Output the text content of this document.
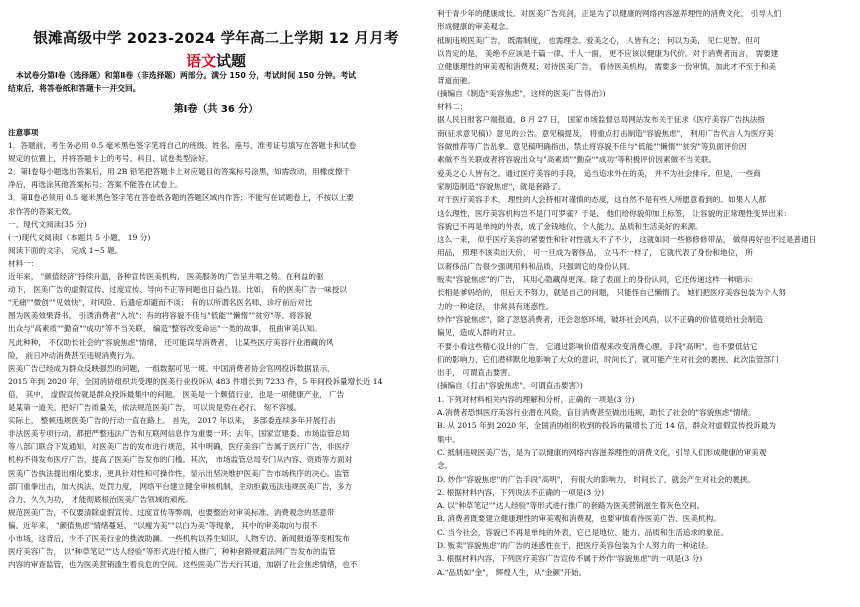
银滩高级中学 2023-2024 学年高二上学期 12 月月考
语文试题
本试卷分第Ⅰ卷（选择题）和第Ⅱ卷（非选择题）两部分。满分 150 分，考试时间 150 分钟。考试
结束后，将答卷纸和答题卡一并交回。
第Ⅰ卷（共 36 分）
注意事项
1．答题前，考生务必用 0.5 毫米黑色签字笔将自己的班级、姓名、座号、准考证号填写在答题卡和试卷
规定的位置上，并将答题卡上的考号、科目、试卷类型涂好。
2．第Ⅰ卷每小题选出答案后，用 2B 铅笔把答题卡上对应题目的答案标号涂黑，如需改动，用橡皮擦干
净后，再选涂其他答案标号；答案不能答在试卷上。
3．第Ⅱ卷必须用 0.5 毫米黑色签字笔在答卷纸各题的答题区域内作答；不能写在试题卷上，不按以上要
求作答的答案无效。
一、现代文阅读(35 分)
(一)现代文阅读Ⅰ（本题共 5 小题， 19 分)
阅读下面的文字， 完成 1~5 题。
材料一：
近年来， "颜值经济"持续升温，各种宣传医美机构、 医美服务的广告呈井喷之势。在利益的驱
动下， 医美广告的虚假宣传、过度宣传、导向不正等问题也日益凸显。比如， 有的医美广告一味授以
"无痛""微创""见效快"，对风险、后遗症却避而不谈； 有的以所谓名医名师、诊疗前后对比
图为医美效果背书， 引诱消费者"入坑"；有的将容貌不佳与"低能""懒惰""贫穷"等、将容貌
出众与"高素质""勤奋""成功"等不当关联， 编造"整容改变命运"一类的故事， 扭曲审美认知。
凡此种种， 不仅助长社会的"容貌焦虑"情绪， 还可能误导消费者， 让某些医疗美容行业潜藏的风
险， 前日冲动消费甚至违规消费行为。
医美广告已经成为群众反映强烈的问题，一组数据可见一斑。中国消费者协会官网投诉数据显示，
2015 年到 2020 年，全国消协组织共受理的医美行业投诉从 483 件增长到 7233 件，5 年间投诉量增长近 14
倍， 其中， 虚假宣传就是群众投诉最集中的问题。 医美是一个颇值行业，也是一项健康产业， 广告
是某第一道关。把好广告质量关，依法规范医美广告， 可以说是势在必行、 刻不容缓。
实际上， 整顿违规医美广告的行动一直在路上。 首先， 2017 年以来， 多部委连续多年开展打击
非法医美专项行动，都把严整违法广告和互联网信息作为重要一环；去年，国家宣建委、市场监管总局
等八部门联合下发通知，对医美广告的发布进行规范，其中明确，医疗美容广告属于医疗广告，非医疗
机构不得发布医疗广告，提高了医美广告发布的门槛。其次， 市场监管总局专门从内容、资质等方面对
医美广告执法提出细化要求，更具针对性和可操作性，显示出坚决维护医美广告市场秩序的决心。监管
部门重拳出击，加大执法、处罚力度， 网络平台建立健全审核机制，主动拒截违法违规医美广告，多方
合力、久久为功， 才能彻底根治医美广告领域的顽疾。
规范医美广告，不仅要清除虚假宣传、过度宣传等弊端，也要整治对审美标准、消费观念的恶意带
偏。近年来， "颜值焦虑"情绪蔓延， "以瘦为美""以白为美"等现象， 其中的审美取向与很不
小市场，这背后，少不了医美行业的推波助澜。一些机构以养生知识、人物专访、新闻报道等变相发布
医疗美容广告， 以"种草笔记""达人经验"等形式进行植入推广，种种套路规避法网广告发布的监管
内容的审查监管，也为医美营销滥生着良危的空间。这些医美广告大行其道，加剧了社会焦虑情绪，也不
利于青少年的健康成长。对医美广告亮剑，正是为了以健康的网络内容滋养理性的消费文化， 引导人们
形成健康的审美观念。
抵制违规医美广告， 既需制度， 也需理念。爱美之心， 人皆有之； 何以为美， 见仁见智。但可
以肯定的是， 美绝不应该是千篇一律、千人一面， 更不应该以健康为代价。对于消费者而言， 需要建
立健康理性的审美观和消费观；对待医美广告， 看待医美机构， 需要多一份审慎，加此才不至于和美
背道而驰。
(摘编自《制造"美容焦虑"，这样的医美广告得治》)
材料二：
据人民日报客户端报道，8 月 27 日， 国家市场监督总局网站发布关于征求《医疗美容广告执法指
南(征求意见稿)》意见的公告。意见稿提及， 将重点打击制造"容貌焦虑"， 利用广告代言人为医疗美
容做推荐等广告乱象。意见稿明确指出，禁止将容貌不佳与"低能""懒惰""贫穷"等负面评价因
素做不当关联或者将容貌出众与"高素质""勤奋""成功"等积极评价因素做不当关联。
爱美之心人皆有之。通过医疗美容的手段， 追当追求外在的美， 并不为社会排斥。但是，一些商
家制造制造"容貌焦虑"，就是套路了。
对于医疗美容手术， 理性的人会持相对谨慎的态度，这自然不是有些人所愿意看到的。如果人人都
这么理性，医疗美容机构岂不是门可罗雀？于是， 他们给你貌仰加上标签， 让容貌的正常理性变异出来：
容貌已不再是单纯的外表，成了金钱地位、个人能力、品质和生活美好的来源。
这么一来， 似乎医疗美容的紧要性和针对性就大不了不少， 这就如同一些修修修带品， 做得再好也不过是普通日
用品， 照理不该卖出天价， 可一旦成为奢侈品， 立马不一样了， 它就代表了身份和地位， 所
以奢侈品广告很少强调用料和品质，只强调它的身份认同。
贩卖"容貌焦虑"的广告， 其用心隐藏得更深。除了表面上的身份认同，它还传递这样一种暗示：
长相是爹妈给的， 但后天不努力，就是自己的问题， 只能怪自己懒惰了。 她们把医疗美容包装为个人努
力的一种途径， 非常具有迷惑性。
炒作"容貌焦虑"，除了忽悠消费者，还会忽悠环境，破坏社会风尚，以不正确的价值观给社会制造
偏见，造成人群的对立。
不要小看这些精心设计的广告， 它通过影响价值观来改变消费心理，手段"高明"。也不要低估它
们的影响力，它们潜移默化地影响了大众的意识，时间长了，就可能产生对社会的裹挟。此次监管部门
出手， 可谓直击要害。
(摘编自《打击"容貌焦虑"，可谓直击要害》)
1. 下列对材料相关内容的理解和分析，正确的一项是(3 分)
A.消费者恐惧医疗美容行业潜在风险，盲目消费甚至做出违规，助长了社会的"容貌焦虑"情绪。
B. 从 2015 年到 2020 年，全国消协组织收到的投诉的量增长了近 14 倍，群众对虚假宣传投诉最为
集中。
C. 抵制违规医美广告，是为了以健康的网络内容滋养理性的消费文化，引导人们形成健康的审美观
念。
D. 炒作"容貌焦虑"的广告手段"高明"， 有很大的影响力， 时间长了，就会产生对社会的裹挟。
2. 根据材料内容，下列说法不正确的一项是(3 分)
A. 以"种草笔记""达人经验"等形式进行推广的套路为医美营销滋生着灰色空间。
B. 消费者既要建立健康理性的审美观和消费观，也要审慎看待医美广告、医美机构。
C. 当今社会，容貌已不再是单纯的外表，它已是地位、能力、品质和生活追求的象征。
D. 贩卖"容貌焦虑"的广告的迷惑性在于，把医疗美容包装为个人努力的一种途径。
3. 根据材料内容，下列医疗美容广告宣传不属于炒作"容貌焦虑"的一项是(3 分)
A."品质如"金"， 辉煌人生，从"金颜"开始。
